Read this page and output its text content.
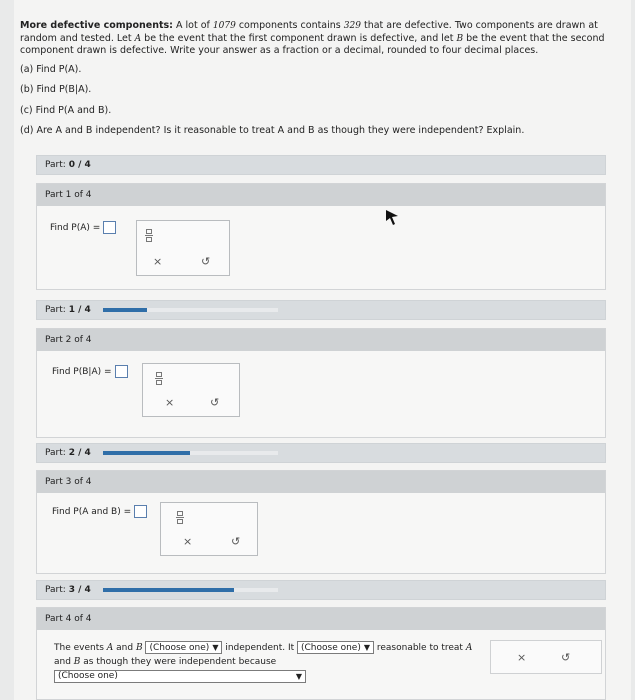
More defective components: A lot of 1079 components contains 329 that are defective. Two components are drawn at random and tested. Let A be the event that the first component drawn is defective, and let B be the event that the second component drawn is defective. Write your answer as a fraction or a decimal, rounded to four decimal places.

(a) Find P(A).

(b) Find P(B|A).

(c) Find P(A and B).

(d) Are A and B independent? Is it reasonable to treat A and B as though they were independent? Explain.

Part: 0 / 4
Part 1 of 4
Find P(A) =
×	↺
Part: 1 / 4
Part 2 of 4
Find P(B|A) =
×	↺
Part: 2 / 4
Part 3 of 4
Find P(A and B) =
×	↺
Part: 3 / 4
Part 4 of 4
The events A and B (Choose one) ▼ independent. It (Choose one) ▼ reasonable to treat A
and B as though they were independent because
(Choose one)	▼
×	↺
